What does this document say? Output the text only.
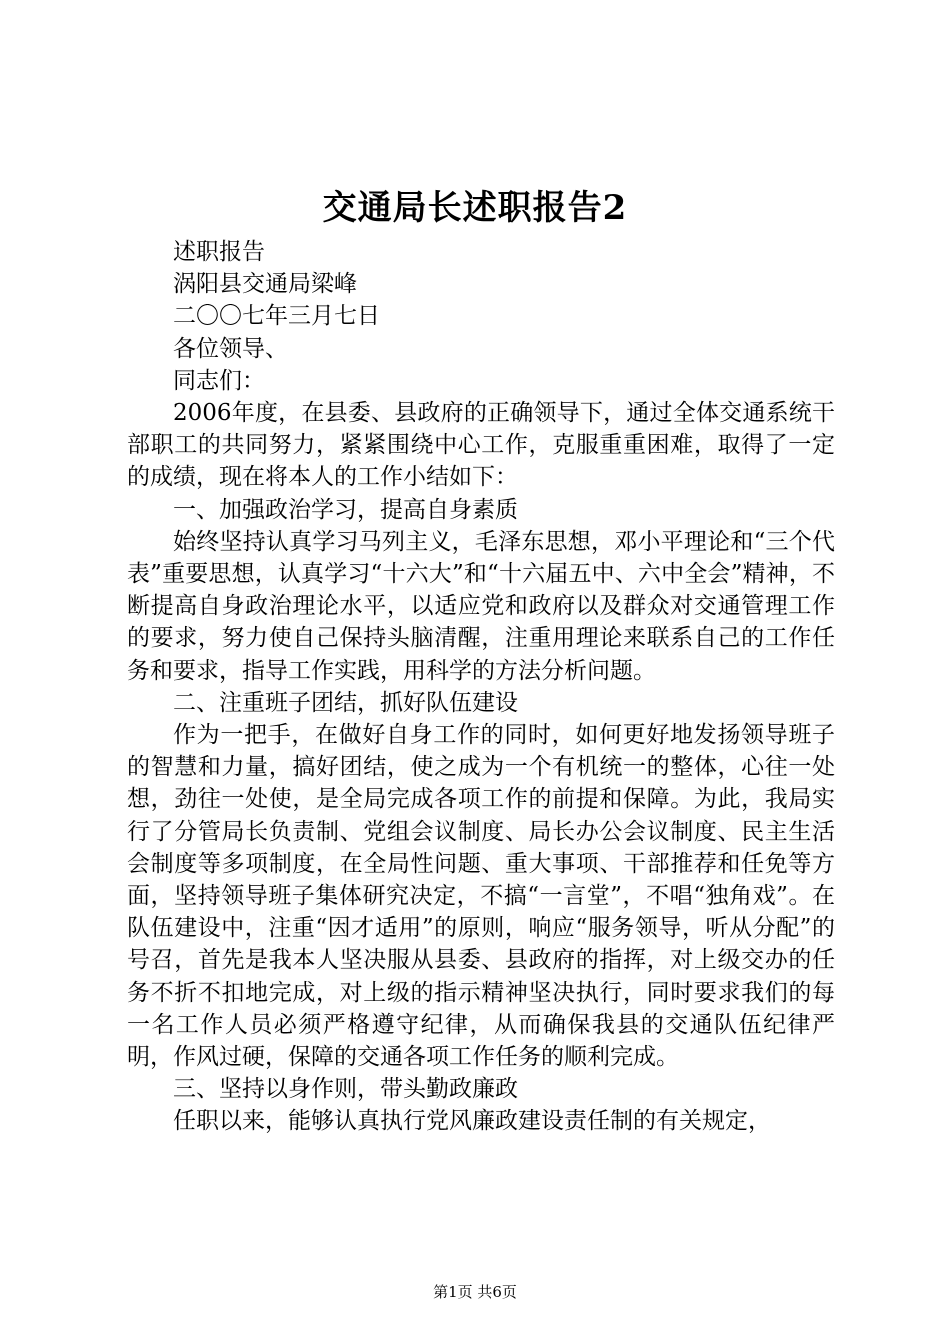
交通局长述职报告2

述职报告

涡阳县交通局梁峰

二〇〇七年三月七日

各位领导、

同志们：

2006年度，在县委、县政府的正确领导下，通过全体交通系统干部职工的共同努力，紧紧围绕中心工作，克服重重困难，取得了一定的成绩，现在将本人的工作小结如下：

一、加强政治学习，提高自身素质

始终坚持认真学习马列主义，毛泽东思想，邓小平理论和“三个代表”重要思想，认真学习“十六大”和“十六届五中、六中全会”精神，不断提高自身政治理论水平，以适应党和政府以及群众对交通管理工作的要求，努力使自己保持头脑清醒，注重用理论来联系自己的工作任务和要求，指导工作实践，用科学的方法分析问题。

二、注重班子团结，抓好队伍建设

作为一把手，在做好自身工作的同时，如何更好地发扬领导班子的智慧和力量，搞好团结，使之成为一个有机统一的整体，心往一处想，劲往一处使，是全局完成各项工作的前提和保障。为此，我局实行了分管局长负责制、党组会议制度、局长办公会议制度、民主生活会制度等多项制度，在全局性问题、重大事项、干部推荐和任免等方面，坚持领导班子集体研究决定，不搞“一言堂”，不唱“独角戏”。在队伍建设中，注重“因才适用”的原则，响应“服务领导，听从分配”的号召，首先是我本人坚决服从县委、县政府的指挥，对上级交办的任务不折不扣地完成，对上级的指示精神坚决执行，同时要求我们的每一名工作人员必须严格遵守纪律，从而确保我县的交通队伍纪律严明，作风过硬，保障的交通各项工作任务的顺利完成。

三、坚持以身作则，带头勤政廉政

任职以来，能够认真执行党风廉政建设责任制的有关规定，

第1页 共6页
